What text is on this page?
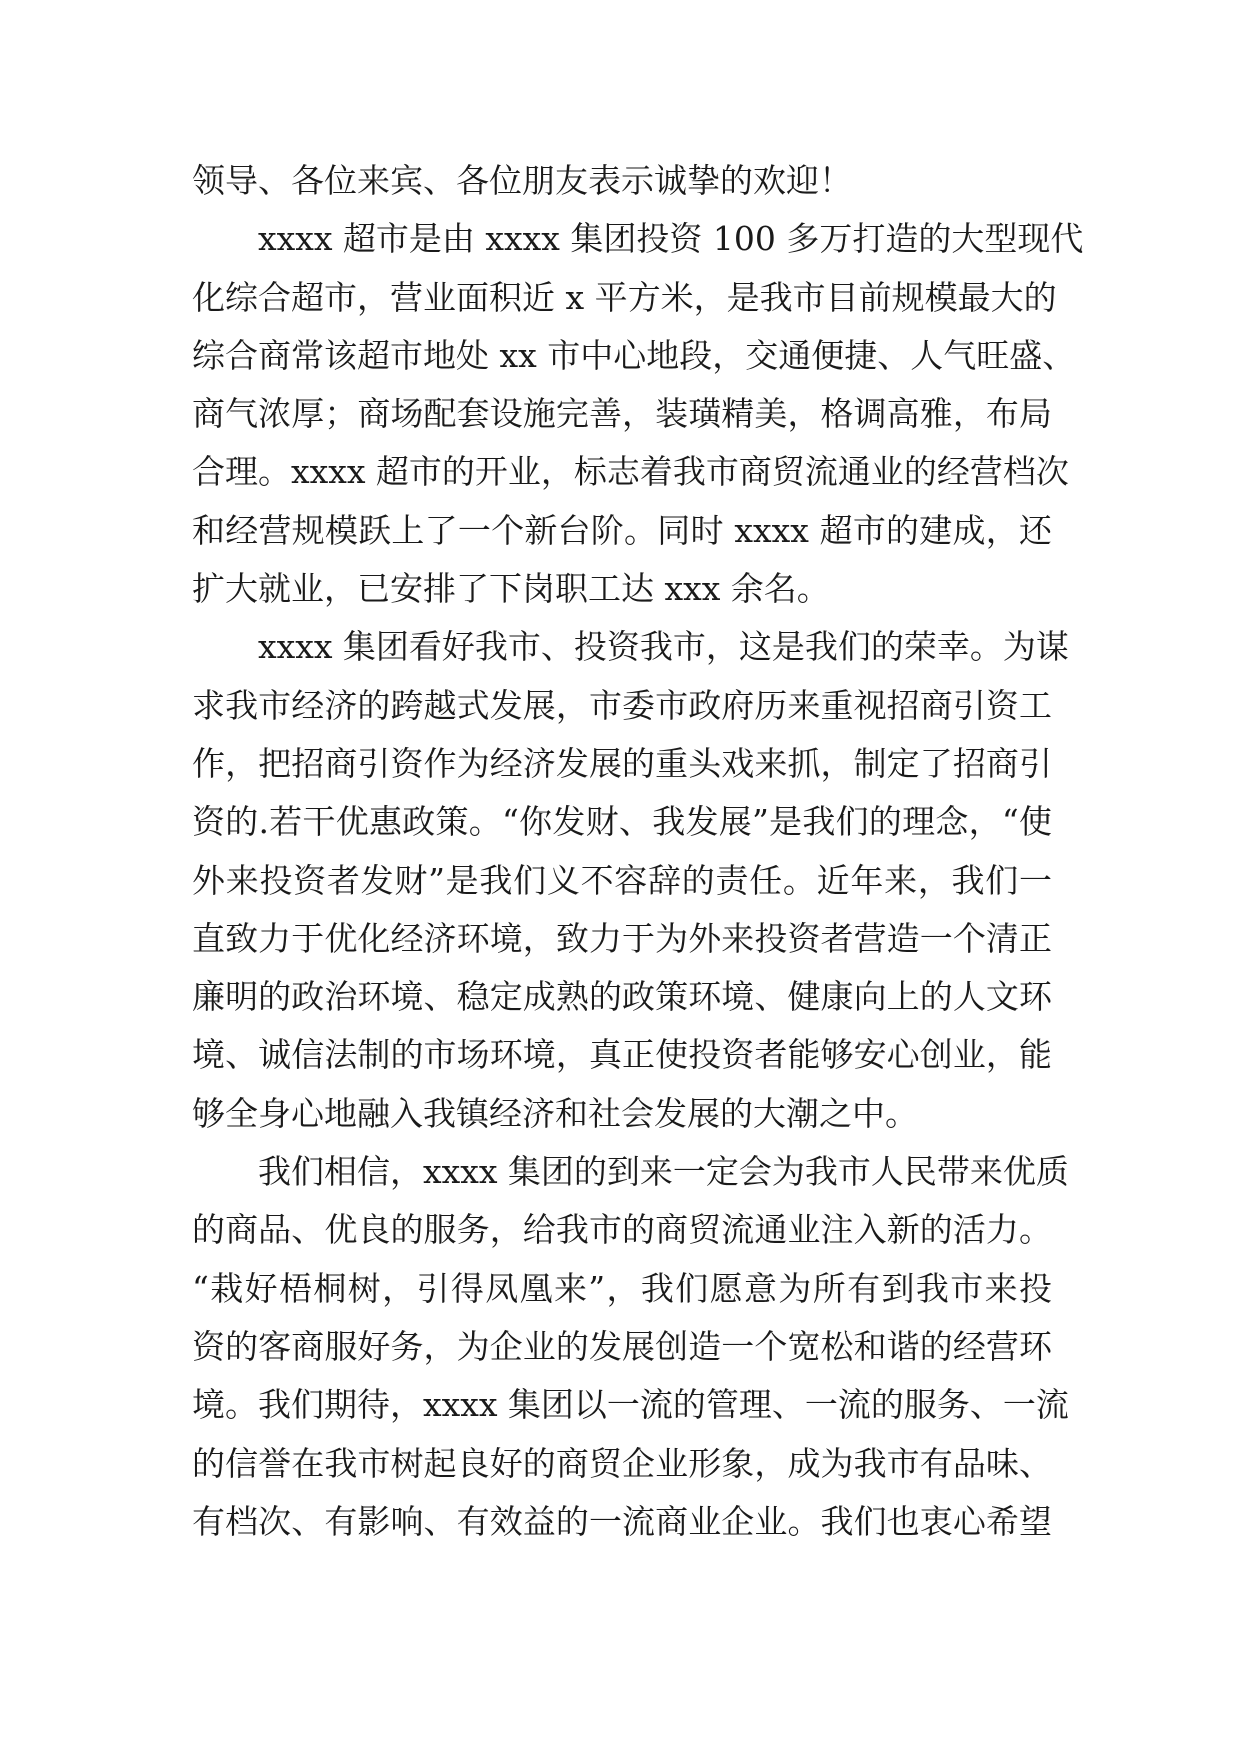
领导、各位来宾、各位朋友表示诚挚的欢迎！
xxxx 超市是由 xxxx 集团投资 100 多万打造的大型现代
化综合超市，营业面积近 x 平方米，是我市目前规模最大的
综合商常该超市地处 xx 市中心地段，交通便捷、人气旺盛、
商气浓厚；商场配套设施完善，装璜精美，格调高雅，布局
合理。xxxx 超市的开业，标志着我市商贸流通业的经营档次
和经营规模跃上了一个新台阶。同时 xxxx 超市的建成，还
扩大就业，已安排了下岗职工达 xxx 余名。
xxxx 集团看好我市、投资我市，这是我们的荣幸。为谋
求我市经济的跨越式发展，市委市政府历来重视招商引资工
作，把招商引资作为经济发展的重头戏来抓，制定了招商引
资的.若干优惠政策。“你发财、我发展”是我们的理念，“使
外来投资者发财”是我们义不容辞的责任。近年来，我们一
直致力于优化经济环境，致力于为外来投资者营造一个清正
廉明的政治环境、稳定成熟的政策环境、健康向上的人文环
境、诚信法制的市场环境，真正使投资者能够安心创业，能
够全身心地融入我镇经济和社会发展的大潮之中。
我们相信，xxxx 集团的到来一定会为我市人民带来优质
的商品、优良的服务，给我市的商贸流通业注入新的活力。
“栽好梧桐树，引得凤凰来”，我们愿意为所有到我市来投
资的客商服好务，为企业的发展创造一个宽松和谐的经营环
境。我们期待，xxxx 集团以一流的管理、一流的服务、一流
的信誉在我市树起良好的商贸企业形象，成为我市有品味、
有档次、有影响、有效益的一流商业企业。我们也衷心希望
